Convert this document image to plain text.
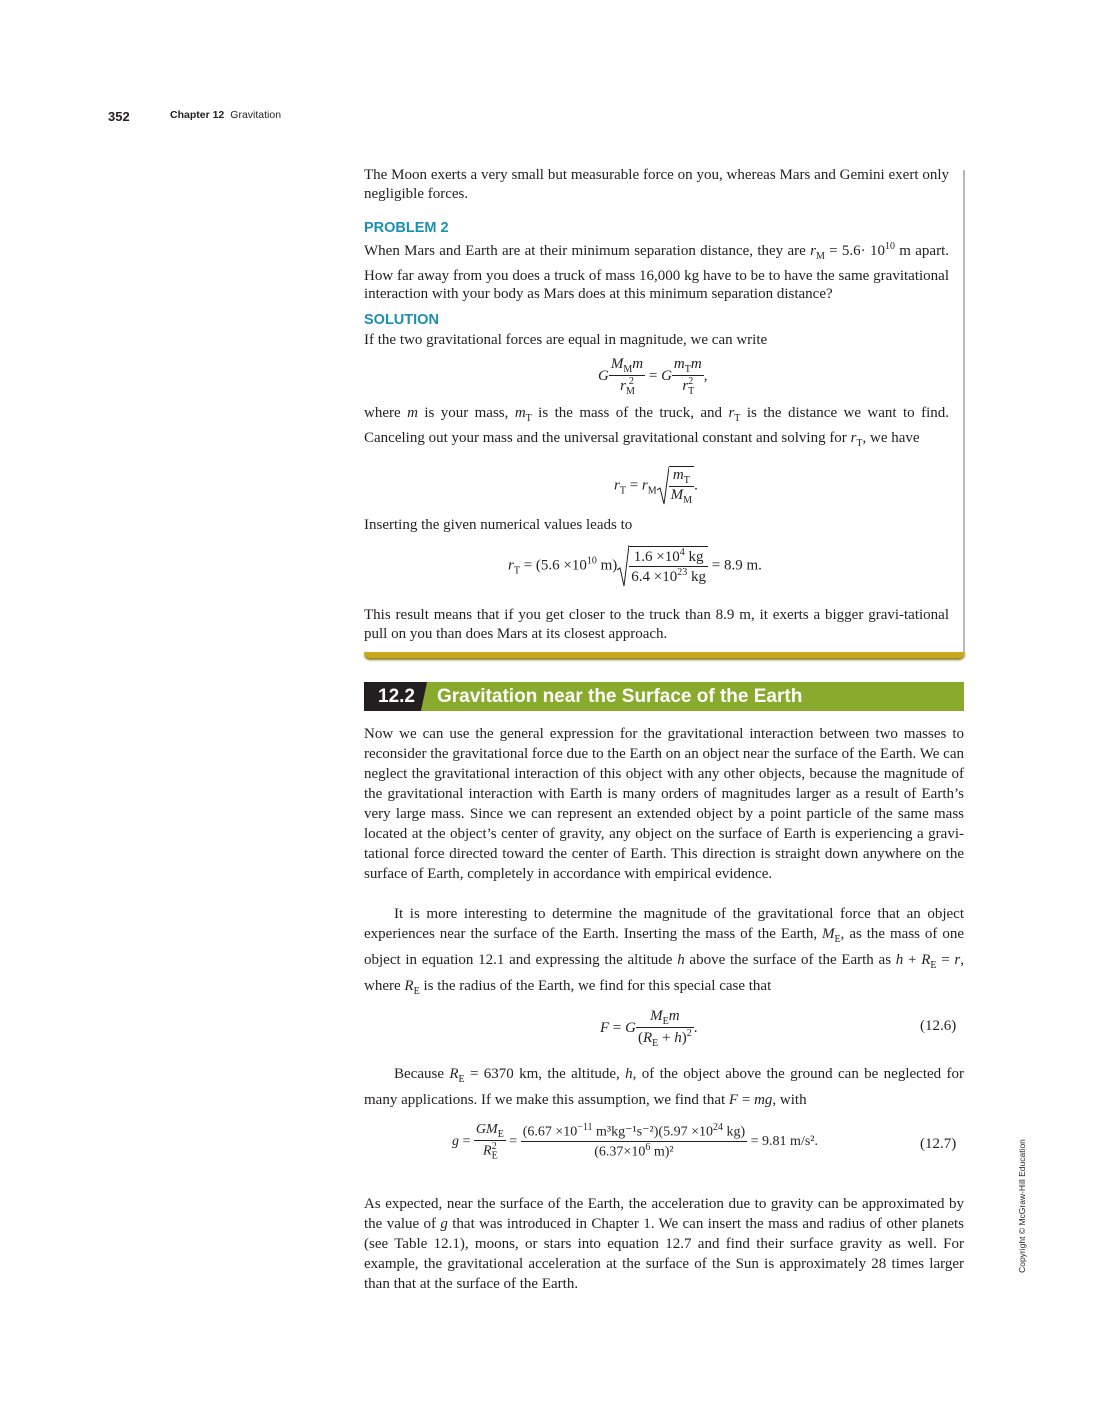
352	Chapter 12 Gravitation

The Moon exerts a very small but measurable force on you, whereas Mars and Gemini exert only negligible forces.

PROBLEM 2

When Mars and Earth are at their minimum separation distance, they are $r_M = 5.6\cdot 10^{10}$ m apart. How far away from you does a truck of mass 16,000 kg have to be to have the same gravitational interaction with your body as Mars does at this minimum separation distance?

SOLUTION

If the two gravitational forces are equal in magnitude, we can write

G $\frac{M_Mm}{r_M^2} = G \frac{m_Tm}{r_T^2}$ ,

where m is your mass, $m_T$ is the mass of the truck, and $r_T$ is the distance we want to find. Canceling out your mass and the universal gravitational constant and solving for $r_T$, we have

$r_T = r_M \frac{m_T}{M_M}$ .

Inserting the given numerical values leads to

$r_T = (5.6 \times 10^{10}$ $m) \frac{1.6 \times 10^4 kg}{6.4 \times 10^{23} kg} = 8.9$ m.

This result means that if you get closer to the truck than 8.9 m, it exerts a bigger gravi-tational pull on you than does Mars at its closest approach.

12.2	Gravitation near the Surface of the Earth

Now we can use the general expression for the gravitational interaction between two masses to reconsider the gravitational force due to the Earth on an object near the surface of the Earth. We can neglect the gravitational interaction of this object with any other objects, because the magnitude of the gravitational interaction with Earth is many orders of magnitudes larger as a result of Earth’s very large mass. Since we can represent an extended object by a point particle of the same mass located at the object’s center of gravity, any object on the surface of Earth is experiencing a gravi-tational force directed toward the center of Earth. This direction is straight down anywhere on the surface of Earth, completely in accordance with empirical evidence.

It is more interesting to determine the magnitude of the gravitational force that an object experiences near the surface of the Earth. Inserting the mass of the Earth, $M_E$, as the mass of one object in equation 12.1 and expressing the altitude h above the surface of the Earth as $h + R_E = r$, where $R_E$ is the radius of the Earth, we find for this special case that

F = G $\frac{M_Em}{(R_E + h)^2}$ .	(12.6)

Because $R_E = 6370$ km, the altitude, h, of the object above the ground can be neglected for many applications. If we make this assumption, we find that F = mg, with

$g = \frac{GM_E}{R_E^2} = \frac{(6.67 \times 10^{-11} m^3kg^{-1}s^{-2})(5.97 \times 10^{24} kg)}{(6.37\times 10^6 m)^2} = 9.81$ m/s².	(12.7)

As expected, near the surface of the Earth, the acceleration due to gravity can be approximated by the value of g that was introduced in Chapter 1. We can insert the mass and radius of other planets (see Table 12.1), moons, or stars into equation 12.7 and find their surface gravity as well. For example, the gravitational acceleration at the surface of the Sun is approximately 28 times larger than that at the surface of the Earth.

Copyright © McGraw-Hill Education
